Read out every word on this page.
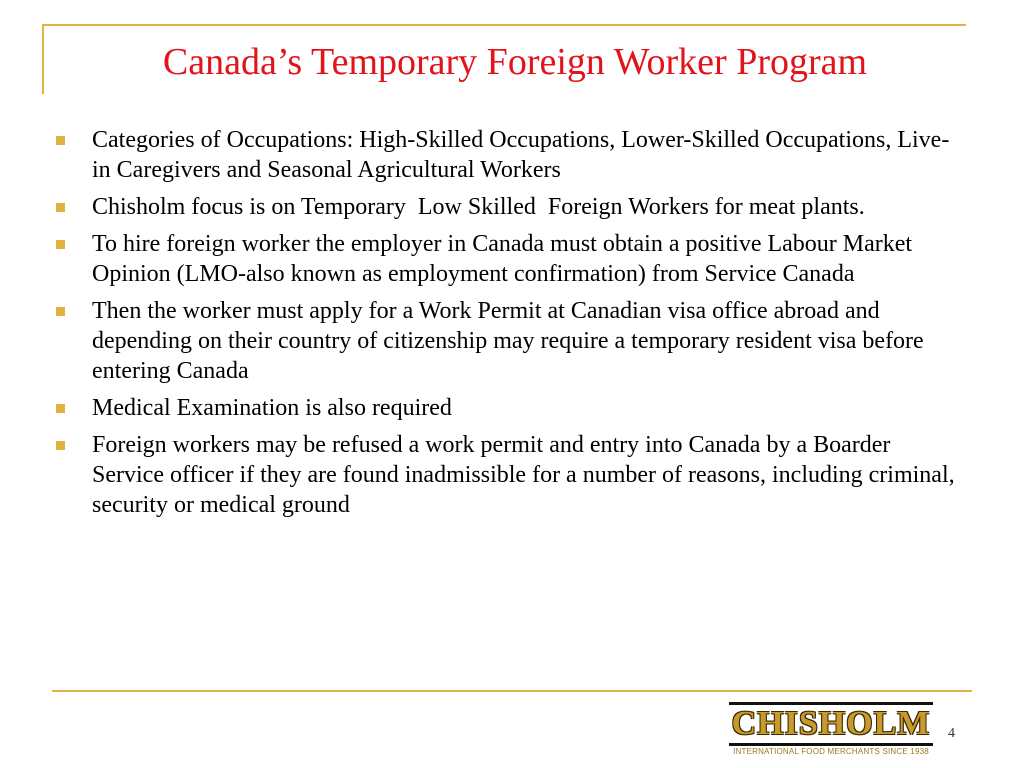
Canada’s Temporary Foreign Worker Program
Categories of Occupations: High-Skilled Occupations, Lower-Skilled Occupations, Live-in Caregivers and Seasonal Agricultural Workers
Chisholm focus is on Temporary  Low Skilled  Foreign Workers for meat plants.
To hire foreign worker the employer in Canada must obtain a positive Labour Market Opinion (LMO-also known as employment confirmation) from Service Canada
Then the worker must apply for a Work Permit at Canadian visa office abroad and depending on their country of citizenship may require a temporary resident visa before entering Canada
Medical Examination is also required
Foreign workers may be refused a work permit and entry into Canada by a Boarder Service officer if they are found inadmissible for a number of reasons, including criminal, security or medical ground
CHISHOLM
INTERNATIONAL FOOD MERCHANTS SINCE 1938
4
